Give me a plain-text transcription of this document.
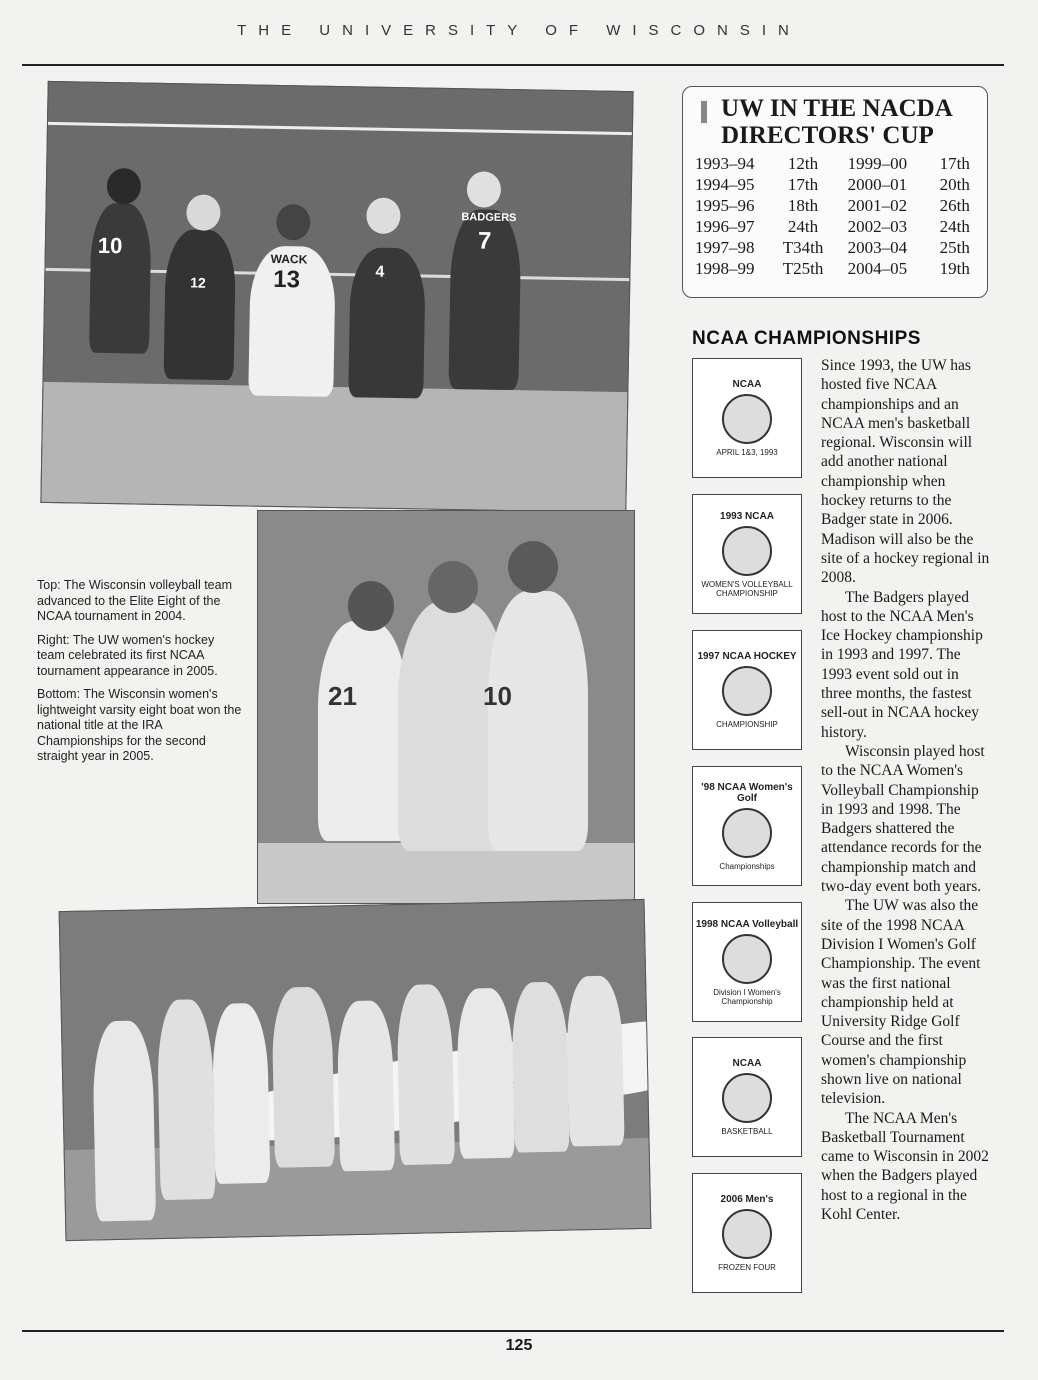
THE UNIVERSITY OF WISCONSIN
BADGERS
7
WACK
13	4
10
12

Top: The Wisconsin volleyball team advanced to the Elite Eight of the NCAA tournament in 2004.

Right: The UW women's hockey team celebrated its first NCAA tournament appearance in 2005.

Bottom: The Wisconsin women's lightweight varsity eight boat won the national title at the IRA Championships for the second straight year in 2005.

21	10
UW IN THE NACDA DIRECTORS' CUP
1993–94	12th		1999–00	17th
1994–95	17th		2000–01	20th
1995–96	18th		2001–02	26th
1996–97	24th		2002–03	24th
1997–98	T34th		2003–04	25th
1998–99	T25th		2004–05	19th
NCAA CHAMPIONSHIPS
NCAA
APRIL 1&3, 1993
1993 NCAA
WOMEN'S VOLLEYBALL CHAMPIONSHIP
1997 NCAA HOCKEY
CHAMPIONSHIP
'98 NCAA Women's Golf
Championships
1998 NCAA Volleyball
Division I Women's Championship
NCAA
BASKETBALL
2006 Men's
FROZEN FOUR

Since 1993, the UW has hosted five NCAA championships and an NCAA men's basketball regional. Wisconsin will add another national championship when hockey returns to the Badger state in 2006. Madison will also be the site of a hockey regional in 2008.

The Badgers played host to the NCAA Men's Ice Hockey championship in 1993 and 1997. The 1993 event sold out in three months, the fastest sell-out in NCAA hockey history.

Wisconsin played host to the NCAA Women's Volleyball Championship in 1993 and 1998. The Badgers shattered the attendance records for the championship match and two-day event both years.

The UW was also the site of the 1998 NCAA Division I Women's Golf Championship. The event was the first national championship held at University Ridge Golf Course and the first women's championship shown live on national television.

The NCAA Men's Basketball Tournament came to Wisconsin in 2002 when the Badgers played host to a regional in the Kohl Center.

125
